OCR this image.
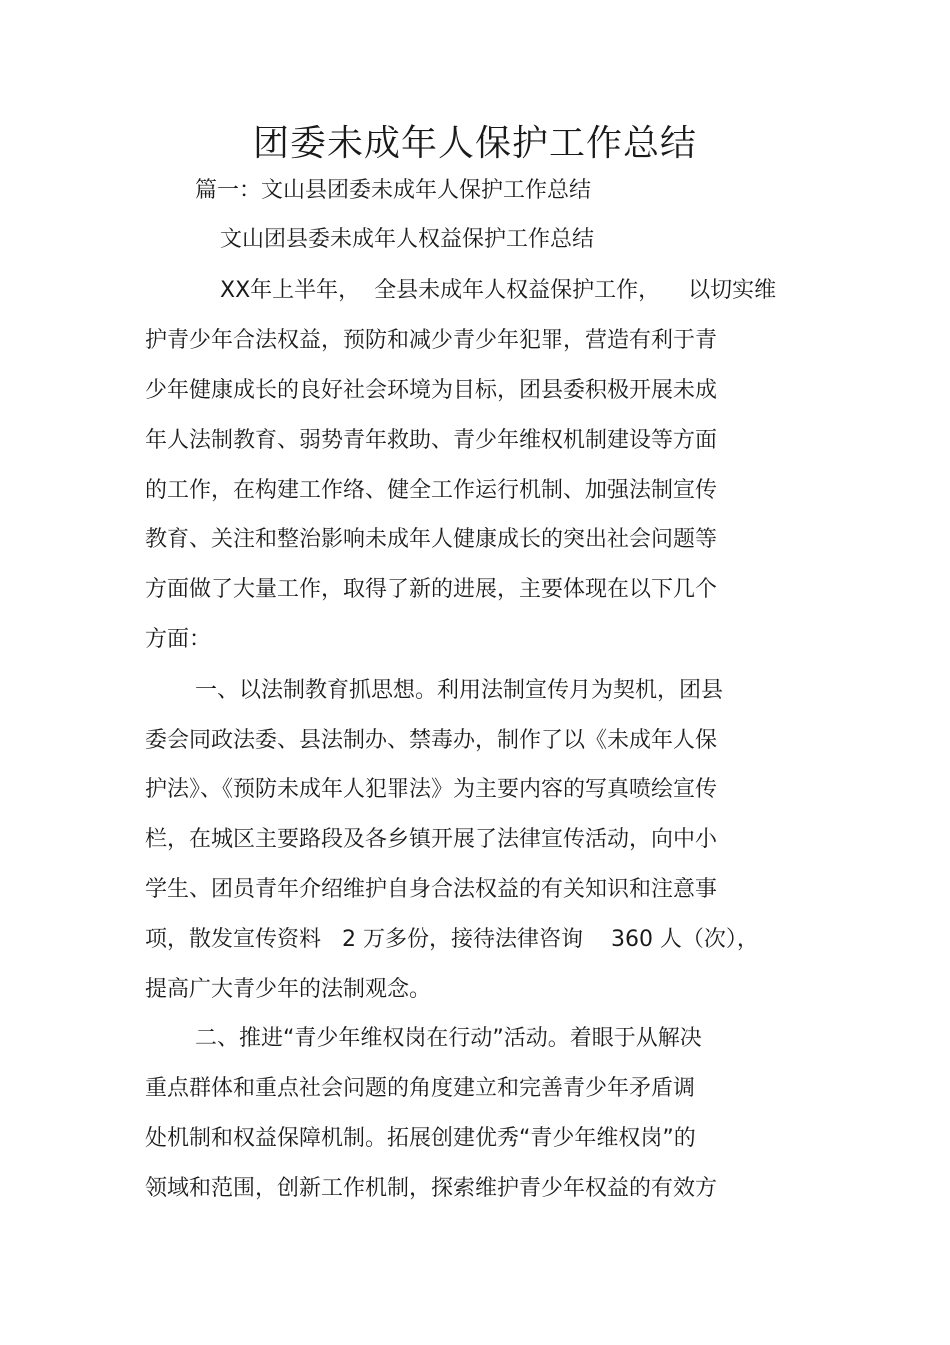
团委未成年人保护工作总结

篇一：文山县团委未成年人保护工作总结

文山团县委未成年人权益保护工作总结

XX年上半年，  全县未成年人权益保护工作，    以切实维

护青少年合法权益，预防和减少青少年犯罪，营造有利于青

少年健康成长的良好社会环境为目标，团县委积极开展未成

年人法制教育、弱势青年救助、青少年维权机制建设等方面

的工作，在构建工作络、健全工作运行机制、加强法制宣传

教育、关注和整治影响未成年人健康成长的突出社会问题等

方面做了大量工作，取得了新的进展，主要体现在以下几个

方面：

一、以法制教育抓思想。利用法制宣传月为契机，团县

委会同政法委、县法制办、禁毒办，制作了以《未成年人保

护法》、《预防未成年人犯罪法》为主要内容的写真喷绘宣传

栏，在城区主要路段及各乡镇开展了法律宣传活动，向中小

学生、团员青年介绍维护自身合法权益的有关知识和注意事

项，散发宣传资料   2 万多份，接待法律咨询    360 人（次），

提高广大青少年的法制观念。

二、推进“青少年维权岗在行动”活动。着眼于从解决

重点群体和重点社会问题的角度建立和完善青少年矛盾调

处机制和权益保障机制。拓展创建优秀“青少年维权岗”的

领域和范围，创新工作机制，探索维护青少年权益的有效方
